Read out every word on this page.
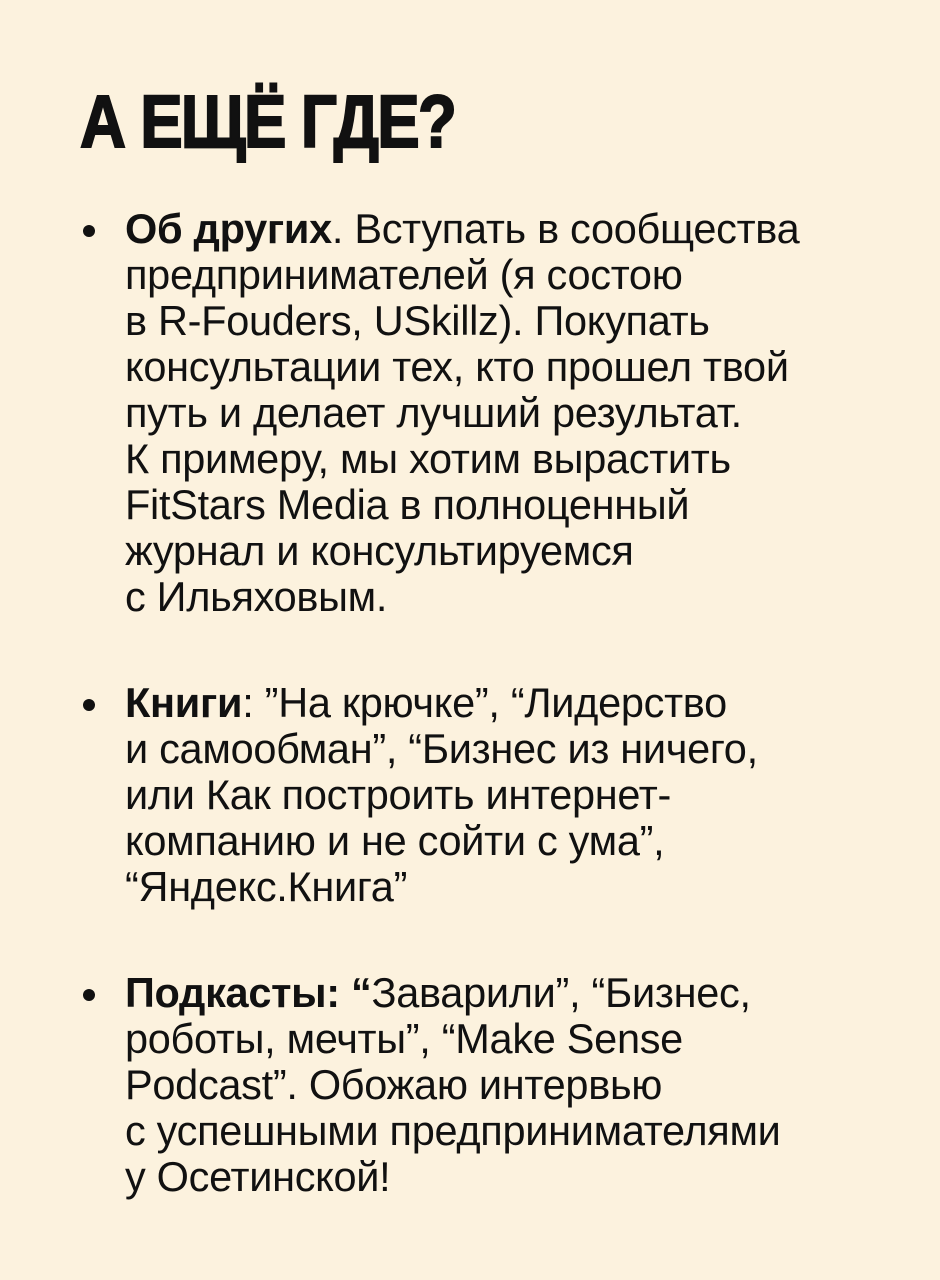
А ЕЩЁ ГДЕ?
Об других. Вступать в сообщества
предпринимателей (я состою
в R-Fouders, USkillz). Покупать
консультации тех, кто прошел твой
путь и делает лучший результат.
К примеру, мы хотим вырастить
FitStars Media в полноценный
журнал и консультируемся
с Ильяховым.
Книги: ”На крючке”, “Лидерство
и самообман”, “Бизнес из ничего,
или Как построить интернет-
компанию и не сойти с ума”,
“Яндекс.Книга”
Подкасты: “Заварили”, “Бизнес,
роботы, мечты”, “Make Sense
Podcast”. Обожаю интервью
с успешными предпринимателями
у Осетинской!
